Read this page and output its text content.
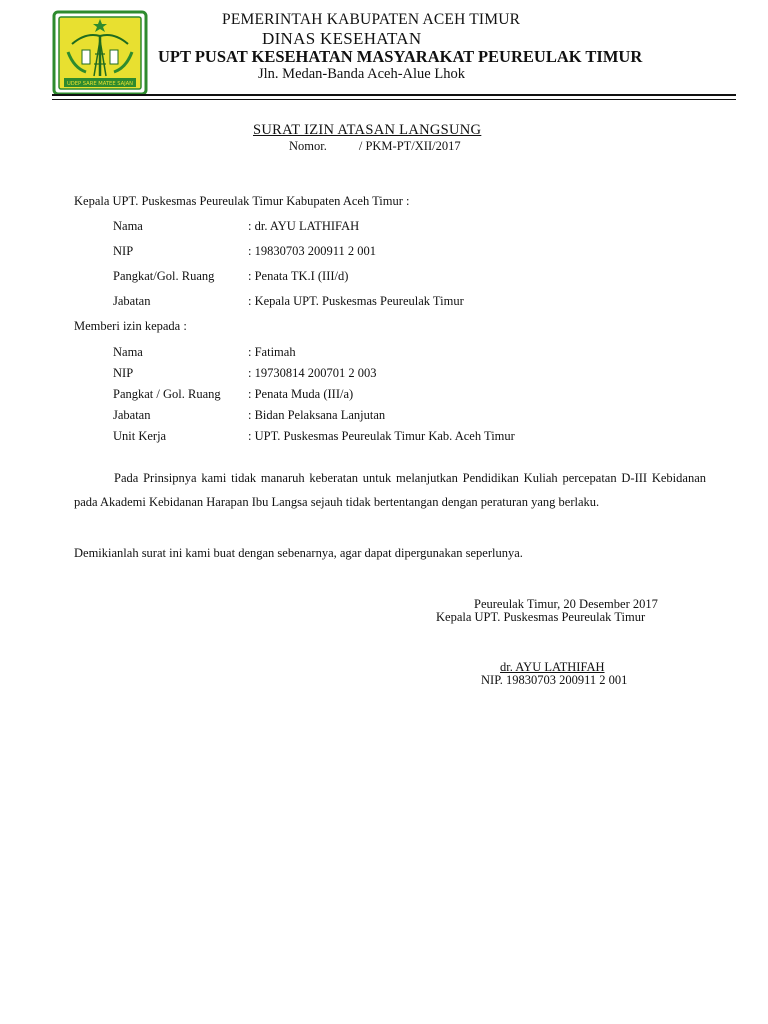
UDEP SARE MATEE SAJAN
PEMERINTAH KABUPATEN ACEH TIMUR
DINAS KESEHATAN
UPT PUSAT KESEHATAN MASYARAKAT PEUREULAK TIMUR
Jln. Medan-Banda Aceh-Alue Lhok
SURAT IZIN ATASAN LANGSUNG
Nomor.	/ PKM-PT/XII/2017
Kepala UPT. Puskesmas Peureulak Timur Kabupaten Aceh Timur :
Nama	: dr. AYU LATHIFAH
NIP	: 19830703 200911 2 001
Pangkat/Gol. Ruang	: Penata TK.I (III/d)
Jabatan	: Kepala UPT. Puskesmas Peureulak Timur
Memberi izin kepada :
Nama	: Fatimah
NIP	: 19730814 200701 2 003
Pangkat / Gol. Ruang : Penata Muda (III/a)
Jabatan	: Bidan Pelaksana Lanjutan
Unit Kerja	: UPT. Puskesmas Peureulak Timur Kab. Aceh Timur
Pada Prinsipnya kami tidak manaruh keberatan untuk melanjutkan Pendidikan Kuliah percepatan D-III Kebidanan pada Akademi Kebidanan Harapan Ibu Langsa sejauh tidak bertentangan dengan peraturan yang berlaku.
Demikianlah surat ini kami buat dengan sebenarnya, agar dapat dipergunakan seperlunya.
Peureulak Timur, 20 Desember 2017
Kepala UPT. Puskesmas Peureulak Timur
dr. AYU LATHIFAH
NIP. 19830703 200911 2 001
